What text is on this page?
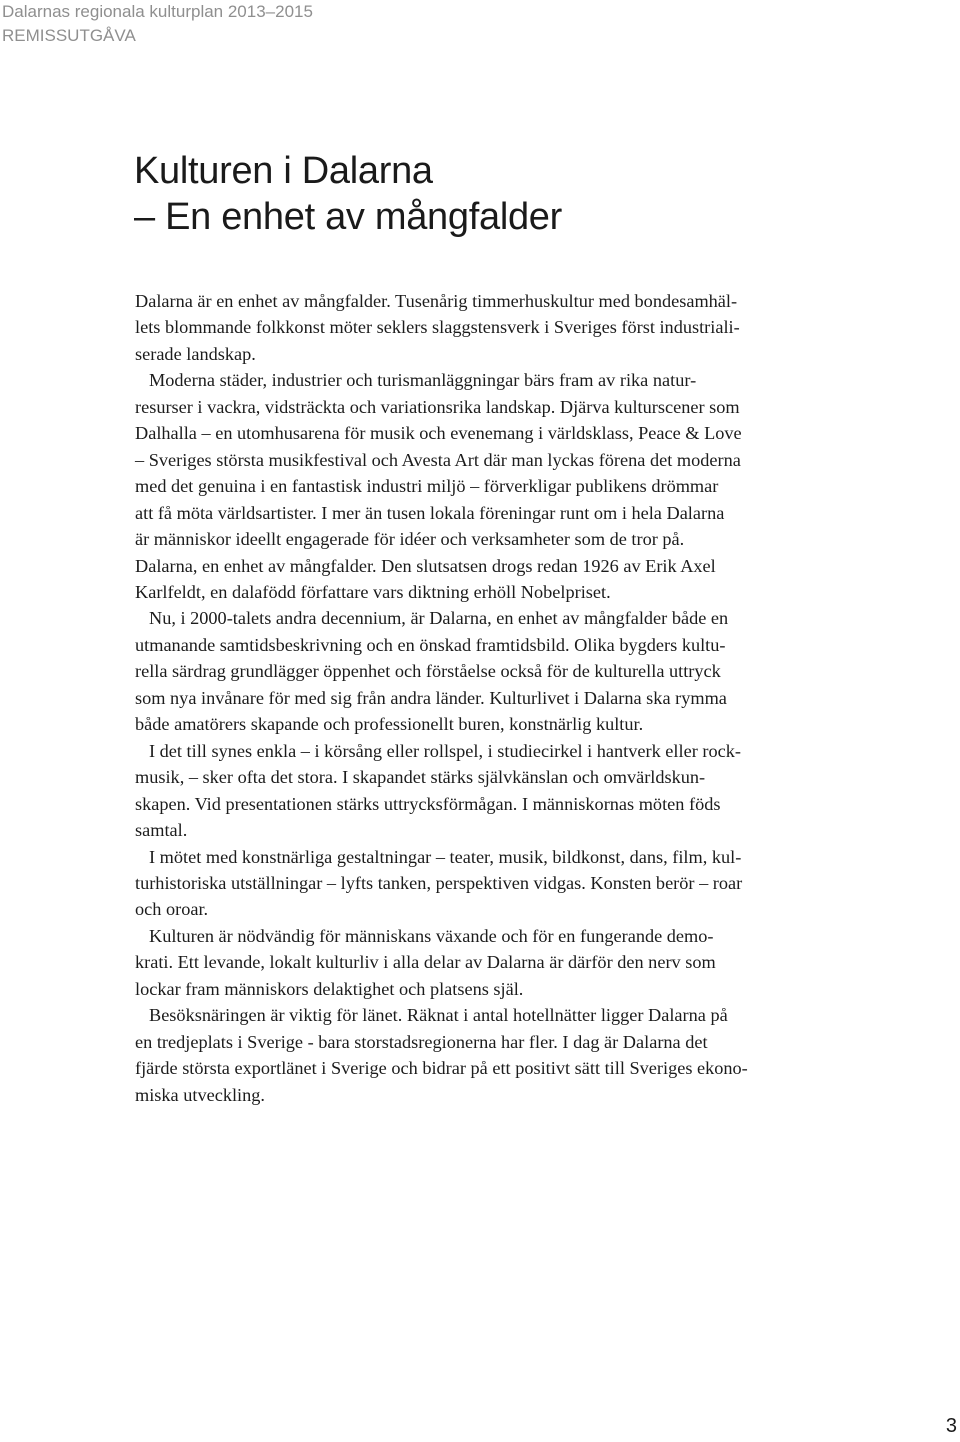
Dalarnas regionala kulturplan 2013–2015
REMISSUTGÅVA
Kulturen i Dalarna
– En enhet av mångfalder

Dalarna är en enhet av mångfalder. Tusenårig timmerhuskultur med bondesamhäl-
lets blommande folkkonst möter seklers slaggstensverk i Sveriges först industriali-
serade landskap.

Moderna städer, industrier och turismanläggningar bärs fram av rika natur-
resurser i vackra, vidsträckta och variationsrika landskap. Djärva kulturscener som
Dalhalla – en utomhusarena för musik och evenemang i världsklass, Peace & Love
– Sveriges största musikfestival och Avesta Art där man lyckas förena det moderna
med det genuina i en fantastisk industri miljö – förverkligar publikens drömmar
att få möta världsartister. I mer än tusen lokala föreningar runt om i hela Dalarna
är människor ideellt engagerade för idéer och verksamheter som de tror på.
Dalarna, en enhet av mångfalder. Den slutsatsen drogs redan 1926 av Erik Axel
Karlfeldt, en dalafödd författare vars diktning erhöll Nobelpriset.

Nu, i 2000-talets andra decennium, är Dalarna, en enhet av mångfalder både en
utmanande samtidsbeskrivning och en önskad framtidsbild. Olika bygders kultu-
rella särdrag grundlägger öppenhet och förståelse också för de kulturella uttryck
som nya invånare för med sig från andra länder. Kulturlivet i Dalarna ska rymma
både amatörers skapande och professionellt buren, konstnärlig kultur.

I det till synes enkla – i körsång eller rollspel, i studiecirkel i hantverk eller rock-
musik, – sker ofta det stora. I skapandet stärks självkänslan och omvärldskun-
skapen. Vid presentationen stärks uttrycksförmågan. I människornas möten föds
samtal.

I mötet med konstnärliga gestaltningar – teater, musik, bildkonst, dans, film, kul-
turhistoriska utställningar – lyfts tanken, perspektiven vidgas. Konsten berör – roar
och oroar.

Kulturen är nödvändig för människans växande och för en fungerande demo-
krati. Ett levande, lokalt kulturliv i alla delar av Dalarna är därför den nerv som
lockar fram människors delaktighet och platsens själ.

Besöksnäringen är viktig för länet. Räknat i antal hotellnätter ligger Dalarna på
en tredjeplats i Sverige - bara storstadsregionerna har fler. I dag är Dalarna det
fjärde största exportlänet i Sverige och bidrar på ett positivt sätt till Sveriges ekono-
miska utveckling.

3
